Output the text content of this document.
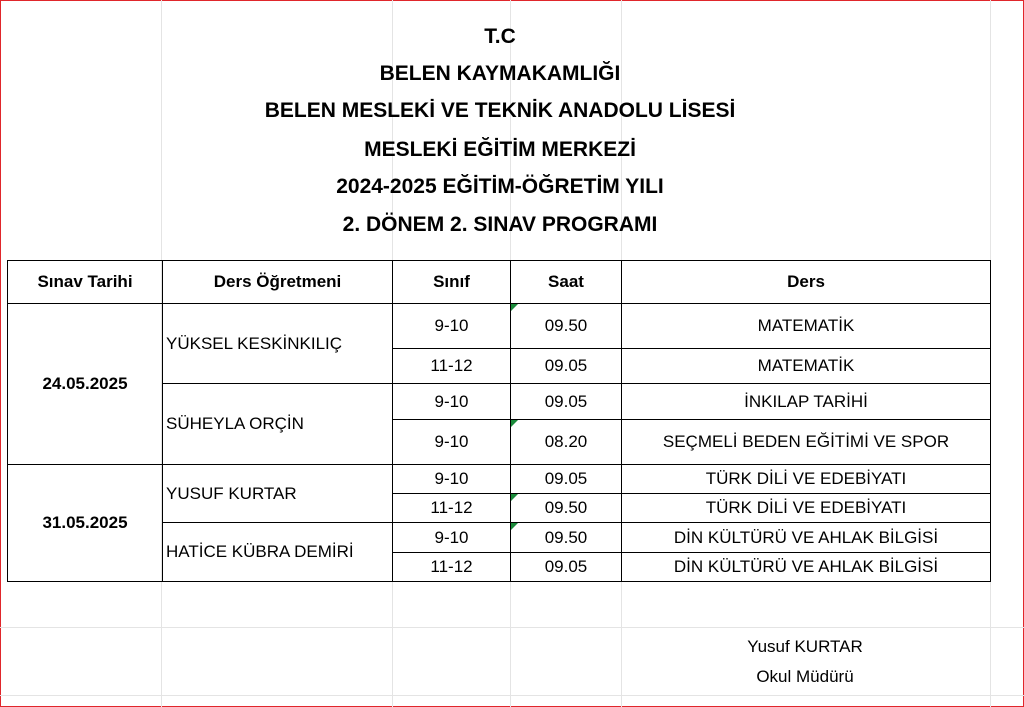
T.C
BELEN KAYMAKAMLIĞI
BELEN MESLEKİ VE TEKNİK ANADOLU LİSESİ
MESLEKİ EĞİTİM MERKEZİ
2024-2025 EĞİTİM-ÖĞRETİM YILI
2. DÖNEM 2. SINAV PROGRAMI
Sınav Tarihi	Ders Öğretmeni	Sınıf	Saat	Ders
24.05.2025	YÜKSEL KESKİNKILIÇ	9-10	09.50	MATEMATİK
		11-12	09.05	MATEMATİK
	SÜHEYLA ORÇİN	9-10	09.05	İNKILAP TARİHİ
		9-10	08.20	SEÇMELİ BEDEN EĞİTİMİ VE SPOR
31.05.2025	YUSUF KURTAR	9-10	09.05	TÜRK DİLİ VE EDEBİYATI
		11-12	09.50	TÜRK DİLİ VE EDEBİYATI
	HATİCE KÜBRA DEMİRİ	9-10	09.50	DİN KÜLTÜRÜ VE AHLAK BİLGİSİ
		11-12	09.05	DİN KÜLTÜRÜ VE AHLAK BİLGİSİ
Yusuf KURTAR
Okul Müdürü
